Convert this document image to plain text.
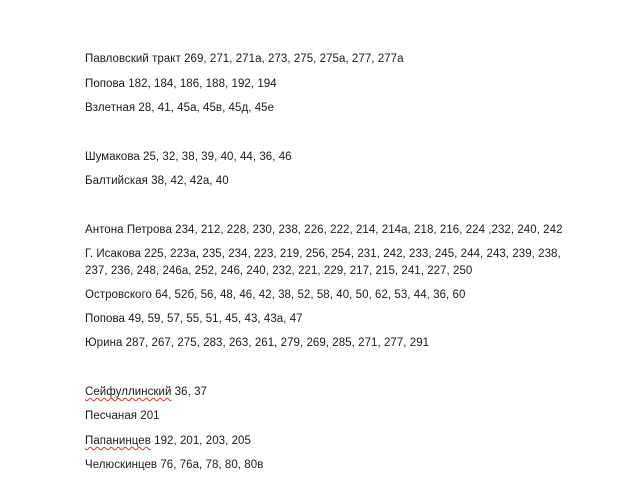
Павловский тракт 269, 271, 271а, 273, 275, 275а, 277, 277а
Попова 182, 184, 186, 188, 192, 194
Взлетная 28, 41, 45а, 45в, 45д, 45е
Шумакова 25, 32, 38, 39, 40, 44, 36, 46
Балтийская 38, 42, 42а, 40
Антона Петрова 234, 212, 228, 230, 238, 226, 222, 214, 214а, 218, 216, 224 ,232, 240, 242
Г. Исакова 225, 223а, 235, 234, 223, 219, 256, 254, 231, 242, 233, 245, 244, 243, 239, 238, 237, 236, 248, 246а, 252, 246, 240, 232, 221, 229, 217, 215, 241, 227, 250
Островского 64, 52б, 56, 48, 46, 42, 38, 52, 58, 40, 50, 62, 53, 44, 36, 60
Попова 49, 59, 57, 55, 51, 45, 43, 43а, 47
Юрина 287, 267, 275, 283, 263, 261, 279, 269, 285, 271, 277, 291
Сейфуллинский 36, 37
Песчаная 201
Папанинцев 192, 201, 203, 205
Челюскинцев 76, 76а, 78, 80, 80в
